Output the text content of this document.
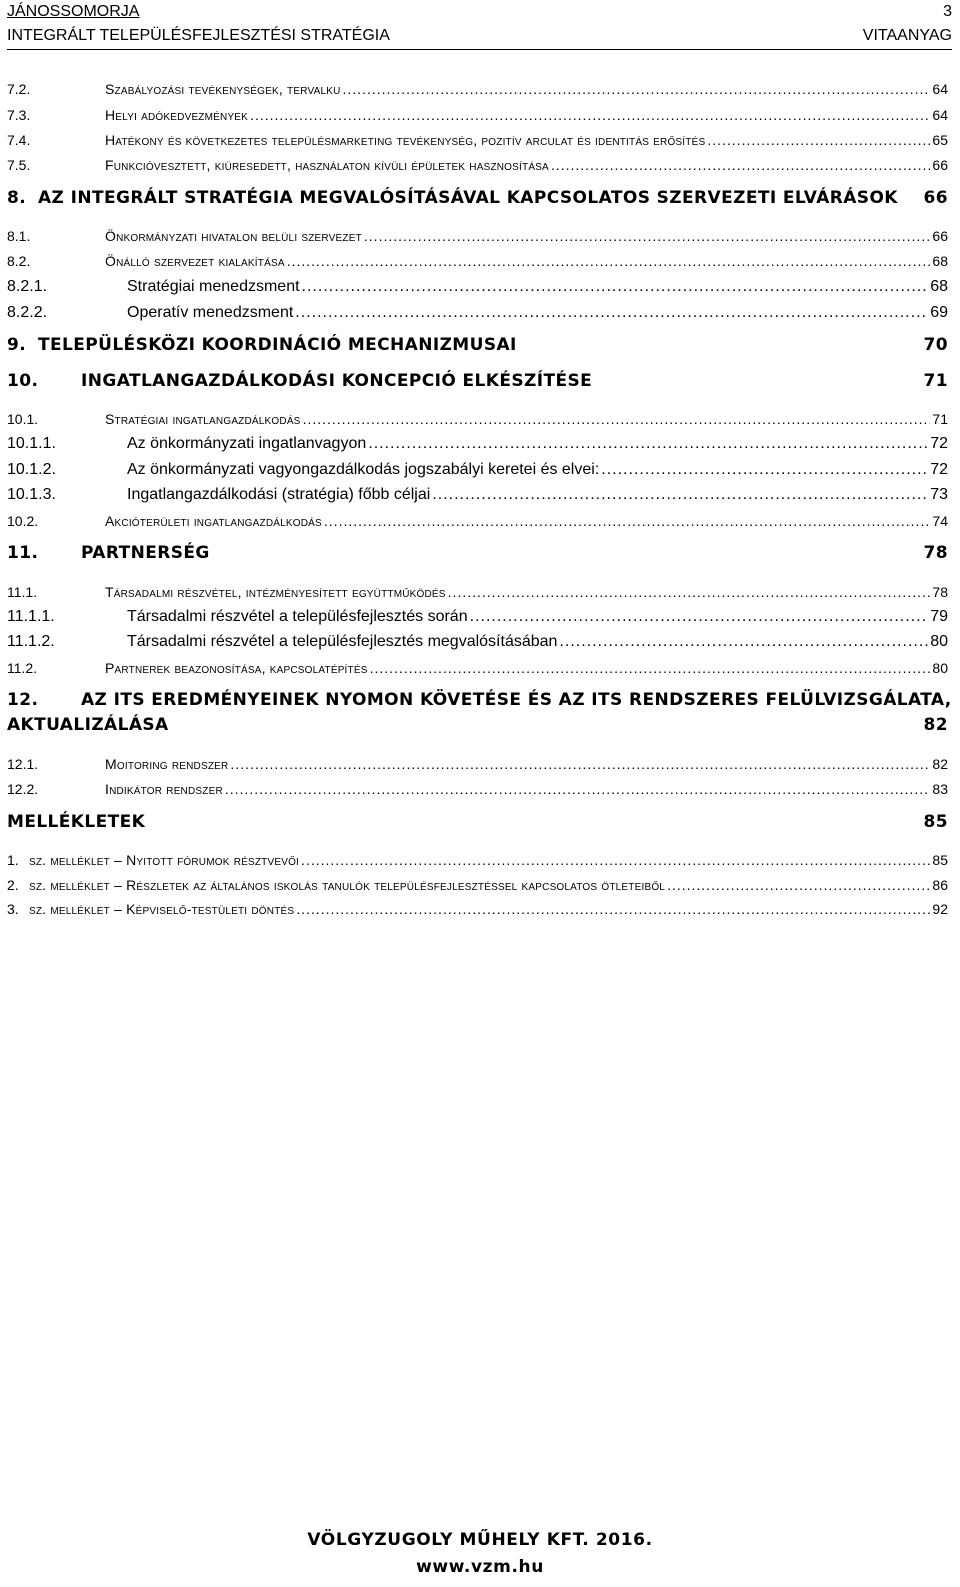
JÁNOSSOMORJA	3
INTEGRÁLT TELEPÜLÉSFEJLESZTÉSI STRATÉGIA	VITAANYAG
7.2.	Szabályozási tevékenységek, tervalku .....	64
7.3.	Helyi adókedvezmények .....	64
7.4.	Hatékony és következetes településmarketing tevékenység, pozitív arculat és identitás erősítés .....	65
7.5.	Funkcióvesztett, kiüresedett, használaton kívüli épületek hasznosítása .....	66
8. AZ INTEGRÁLT STRATÉGIA MEGVALÓSÍTÁSÁVAL KAPCSOLATOS SZERVEZETI ELVÁRÁSOK 66
8.1.	Önkormányzati hivatalon belüli szervezet .....	66
8.2.	Önálló szervezet kialakítása .....	68
8.2.1.	Stratégiai menedzsment .....	68
8.2.2.	Operatív menedzsment .....	69
9. TELEPÜLÉSKÖZI KOORDINÁCIÓ MECHANIZMUSAI	70
10.	INGATLANGAZDÁLKODÁSI KONCEPCIÓ ELKÉSZÍTÉSE	71
10.1.	Stratégiai ingatlangazdálkodás .....	71
10.1.1.	Az önkormányzati ingatlanvagyon .....	72
10.1.2.	Az önkormányzati vagyongazdálkodás jogszabályi keretei és elvei: .....	72
10.1.3.	Ingatlangazdálkodási (stratégia) főbb céljai .....	73
10.2.	Akcióterületi ingatlangazdálkodás .....	74
11.	PARTNERSÉG	78
11.1.	Társadalmi részvétel, intézményesített együttműködés .....	78
11.1.1.	Társadalmi részvétel a településfejlesztés során .....	79
11.1.2.	Társadalmi részvétel a településfejlesztés megvalósításában .....	80
11.2.	Partnerek beazonosítása, kapcsolatépítés .....	80
12.	AZ ITS EREDMÉNYEINEK NYOMON KÖVETÉSE ÉS AZ ITS RENDSZERES FELÜLVIZSGÁLATA,
AKTUALIZÁLÁSA	82
12.1.	Moitoring rendszer .....	82
12.2.	Indikátor rendszer .....	83
MELLÉKLETEK	85
1. sz. melléklet – Nyitott fórumok résztvevői .....	85
2. sz. melléklet – Részletek az általános iskolás tanulók településfejlesztéssel kapcsolatos ötleteiből .....	86
3. sz. melléklet – Képviselő-testületi döntés .....	92
VÖLGYZUGOLY MŰHELY KFT. 2016.
www.vzm.hu
